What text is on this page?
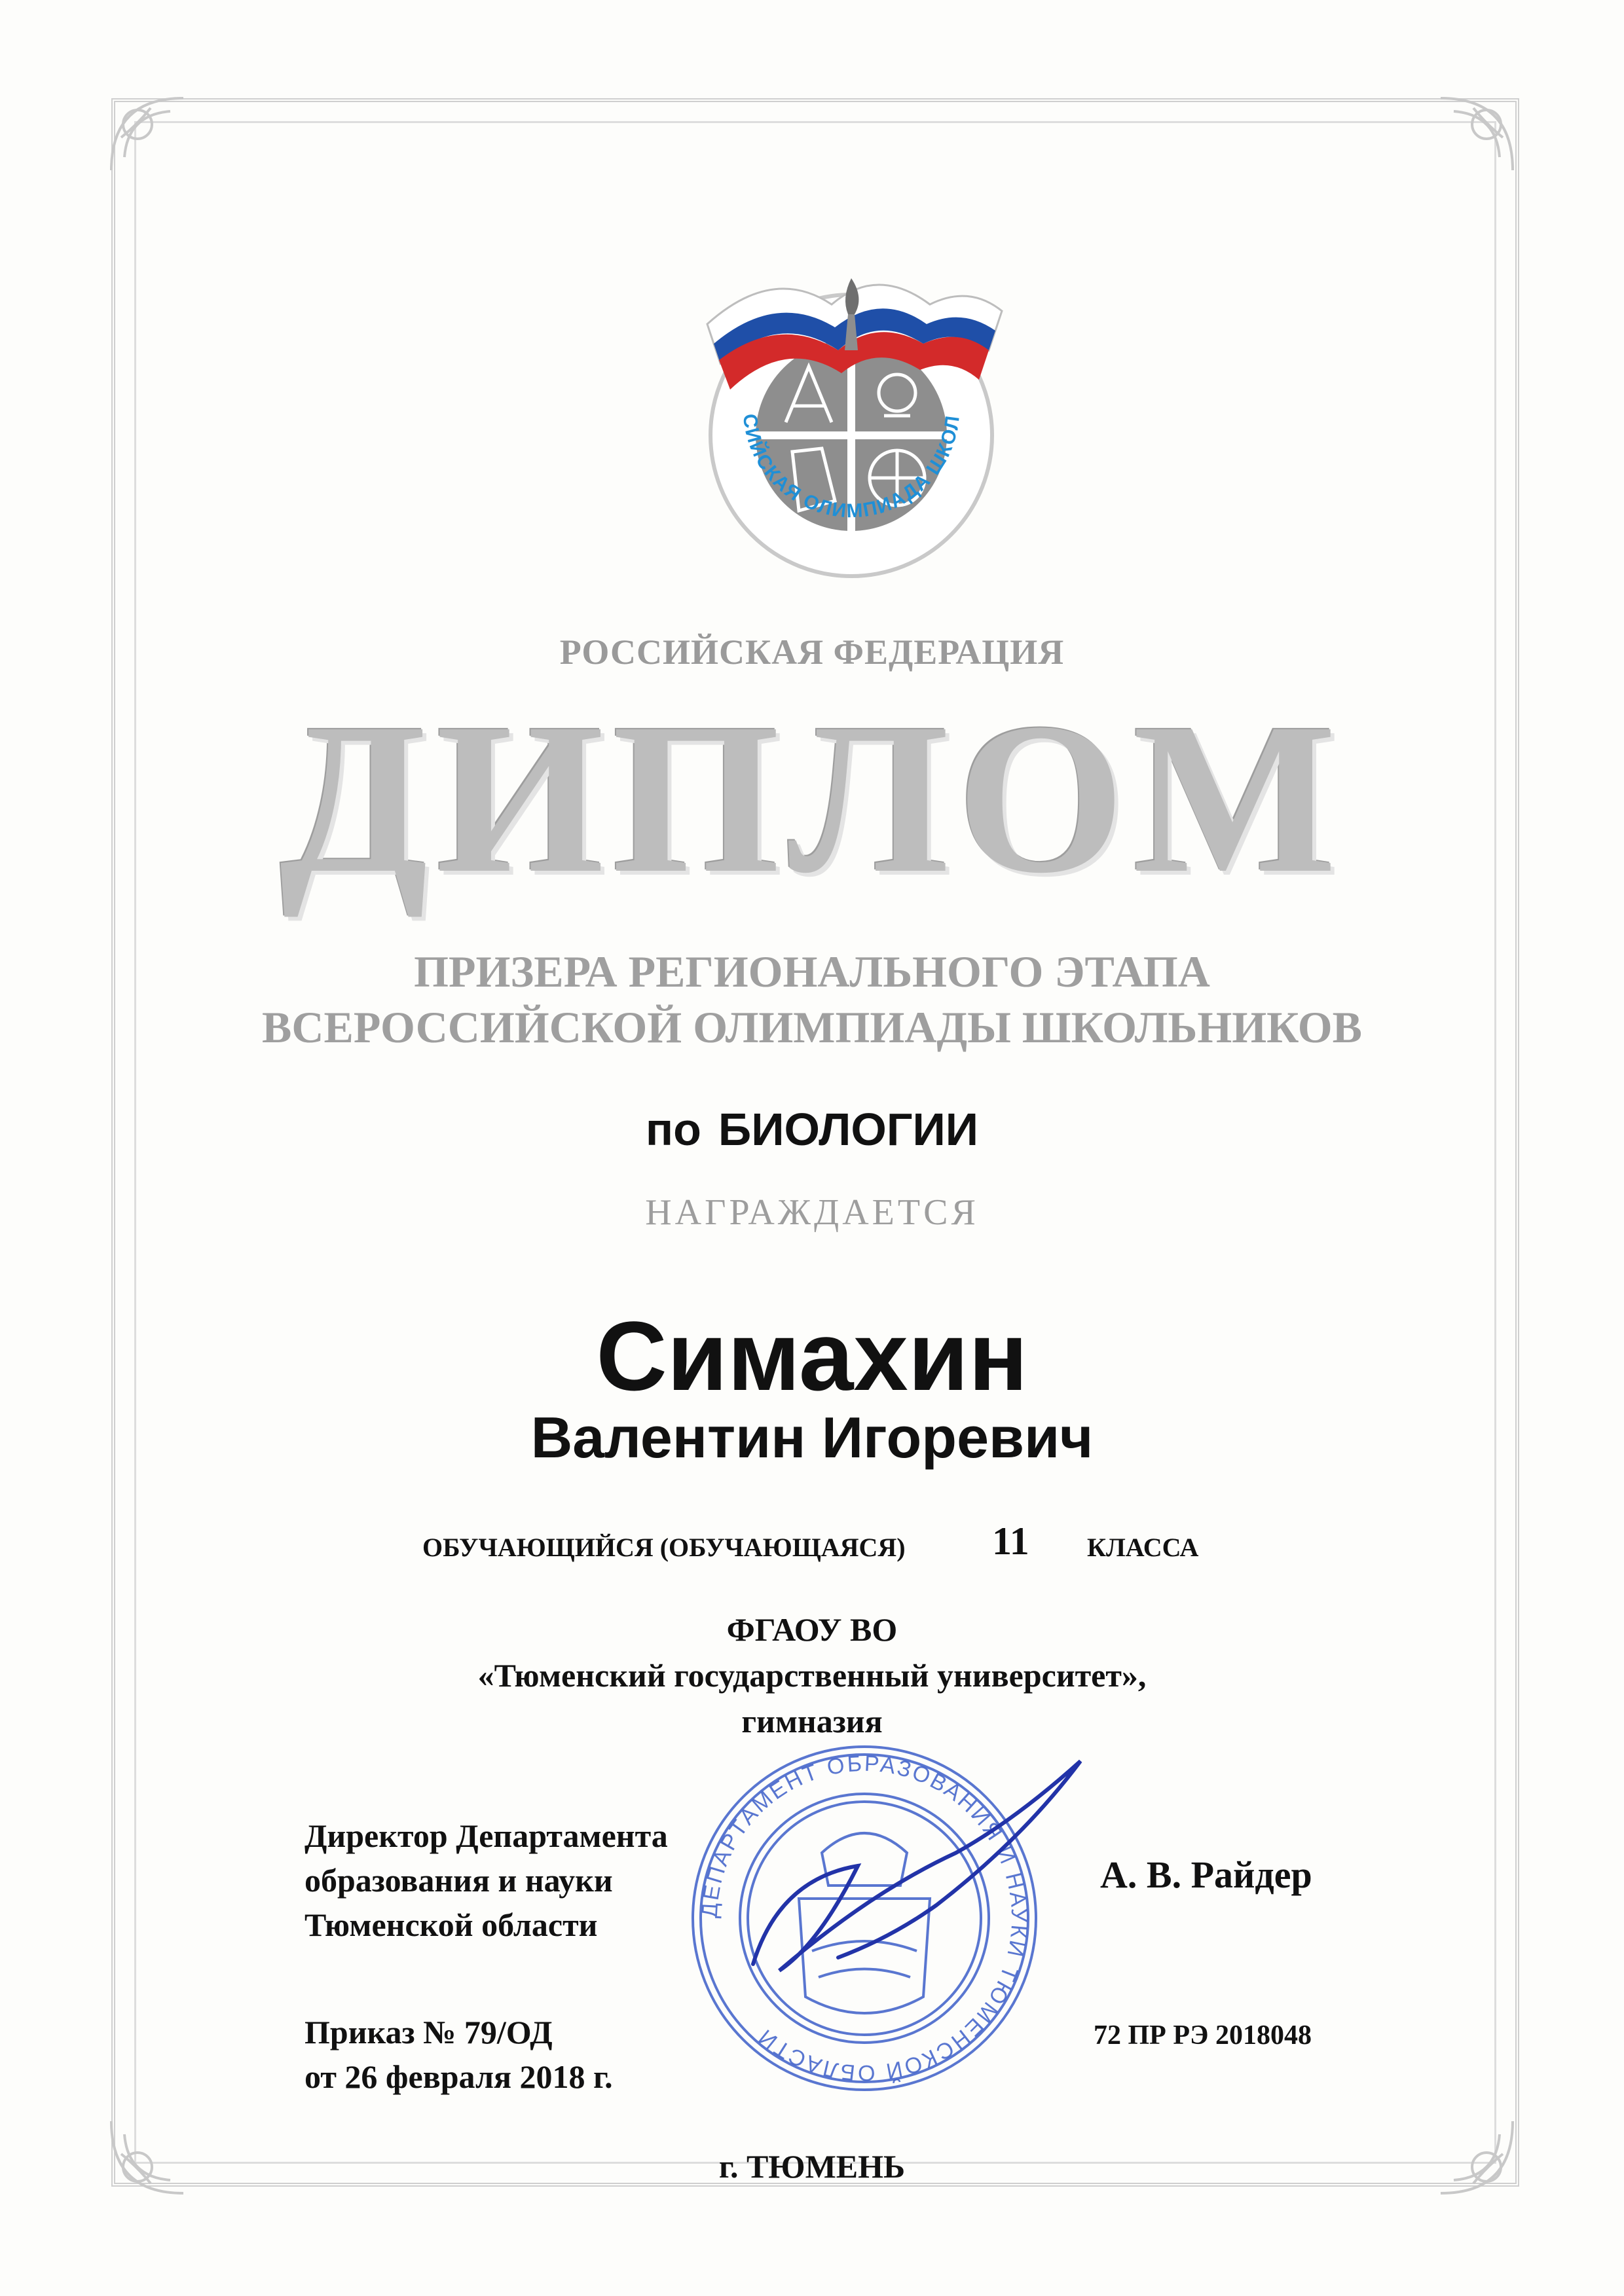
СИЙСКАЯ ОЛИМПИАДА ШКОЛ
РОССИЙСКАЯ ФЕДЕРАЦИЯ
ДИПЛОМ
ПРИЗЕРА РЕГИОНАЛЬНОГО ЭТАПА
ВСЕРОССИЙСКОЙ ОЛИМПИАДЫ ШКОЛЬНИКОВ
по БИОЛОГИИ
НАГРАЖДАЕТСЯ
Симахин
Валентин Игоревич
ОБУЧАЮЩИЙСЯ (ОБУЧАЮЩАЯСЯ) 11 КЛАССА
ФГАОУ ВО
«Тюменский государственный университет»,
гимназия
ДЕПАРТАМЕНТ ОБРАЗОВАНИЯ И НАУКИ ТЮМЕНСКОЙ ОБЛАСТИ
Директор Департамента
образования и науки
Тюменской области
А. В. Райдер
Приказ № 79/ОД
от 26 февраля 2018 г.
72 ПР РЭ 2018048
г. ТЮМЕНЬ
